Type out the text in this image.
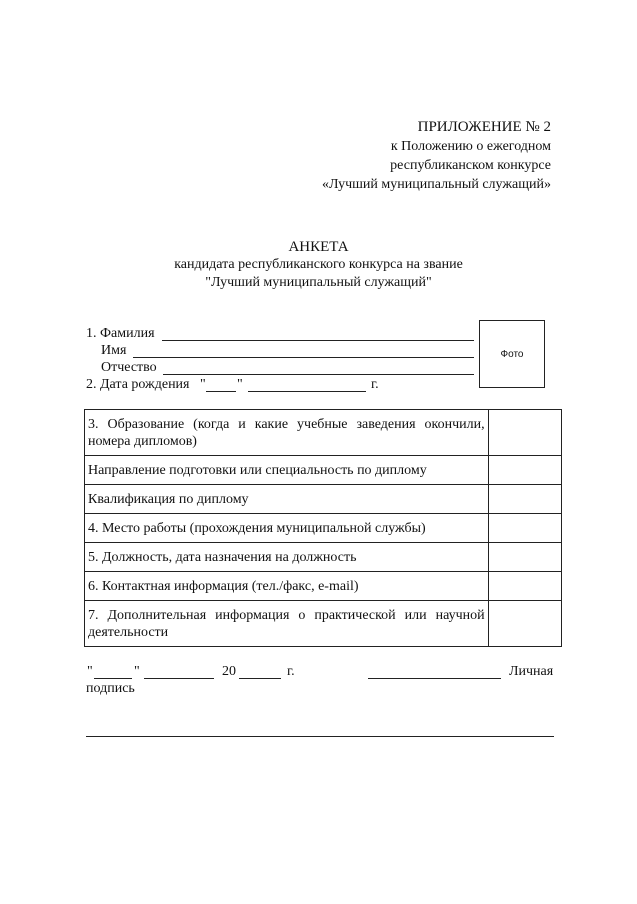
ПРИЛОЖЕНИЕ № 2
к Положению о ежегодном
республиканском конкурсе
«Лучший муниципальный служащий»
АНКЕТА
кандидата республиканского конкурса на звание
"Лучший муниципальный служащий"
1. Фамилия
Имя
Отчество
2. Дата рождения " "	г.
Фото
3. Образование (когда и какие учебные заведения окончили, номера дипломов)	
Направление подготовки или специальность по диплому	
Квалификация по диплому	
4. Место работы (прохождения муниципальной службы)	
5. Должность, дата назначения на должность	
6. Контактная информация (тел./факс, e-mail)	
7. Дополнительная информация о практической или научной деятельности	
"	"	20	г.	Личная
подпись
